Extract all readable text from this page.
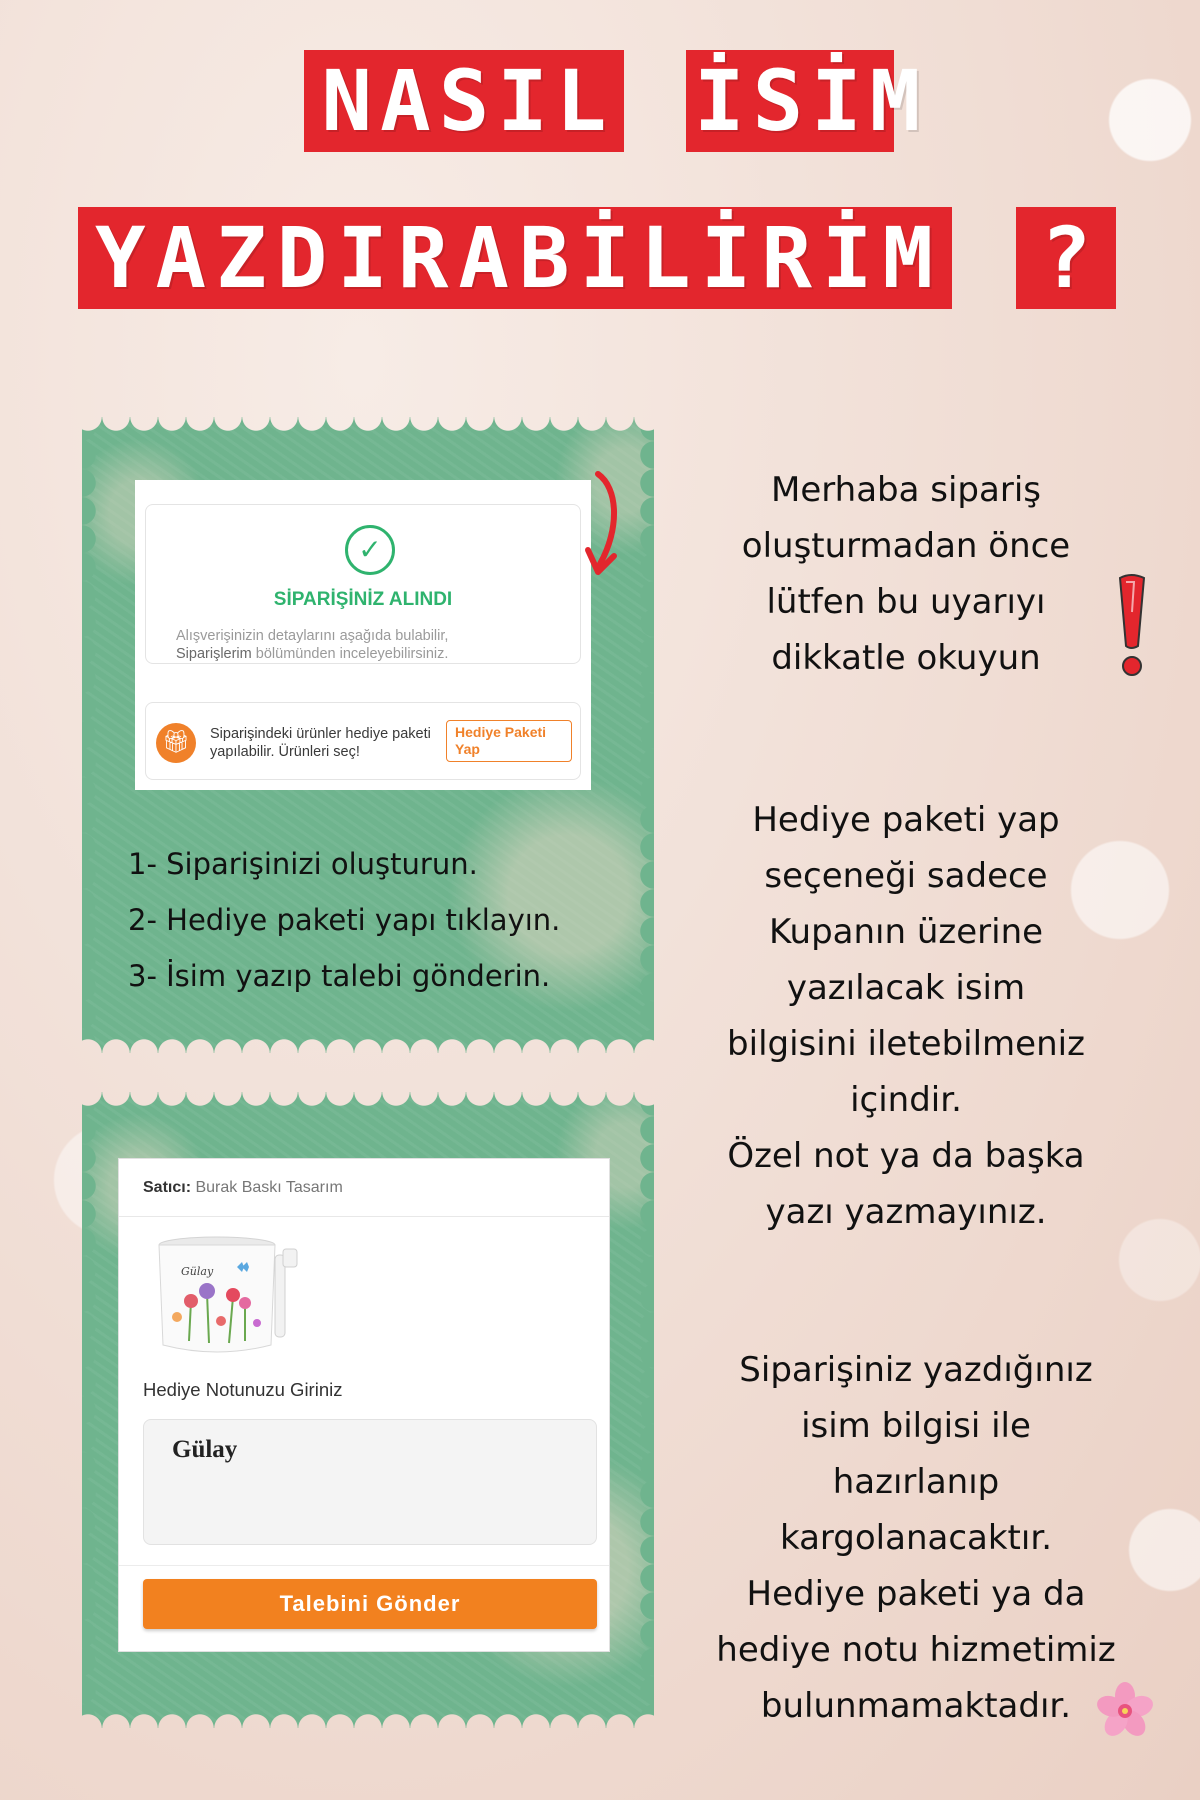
NASIL İSİM
YAZDIRABİLİRİM ?
✓
SİPARİŞİNİZ ALINDI
Alışverişinizin detaylarını aşağıda bulabilir,
Siparişlerim bölümünden inceleyebilirsiniz.
🎁︎	Siparişindeki ürünler hediye paketi yapılabilir. Ürünleri seç!
Hediye Paketi Yap
1- Siparişinizi oluşturun.
2- Hediye paketi yapı tıklayın.
3- İsim yazıp talebi gönderin.
Satıcı: Burak Baskı Tasarım
Gülay
Hediye Notunuzu Giriniz
Gülay
Talebini Gönder
Merhaba sipariş
oluşturmadan önce
lütfen bu uyarıyı
dikkatle okuyun
Hediye paketi yap
seçeneği sadece
Kupanın üzerine
yazılacak isim
bilgisini iletebilmeniz
içindir.
Özel not ya da başka
yazı yazmayınız.
Siparişiniz yazdığınız
isim bilgisi ile
hazırlanıp
kargolanacaktır.
Hediye paketi ya da
hediye notu hizmetimiz
bulunmamaktadır.
